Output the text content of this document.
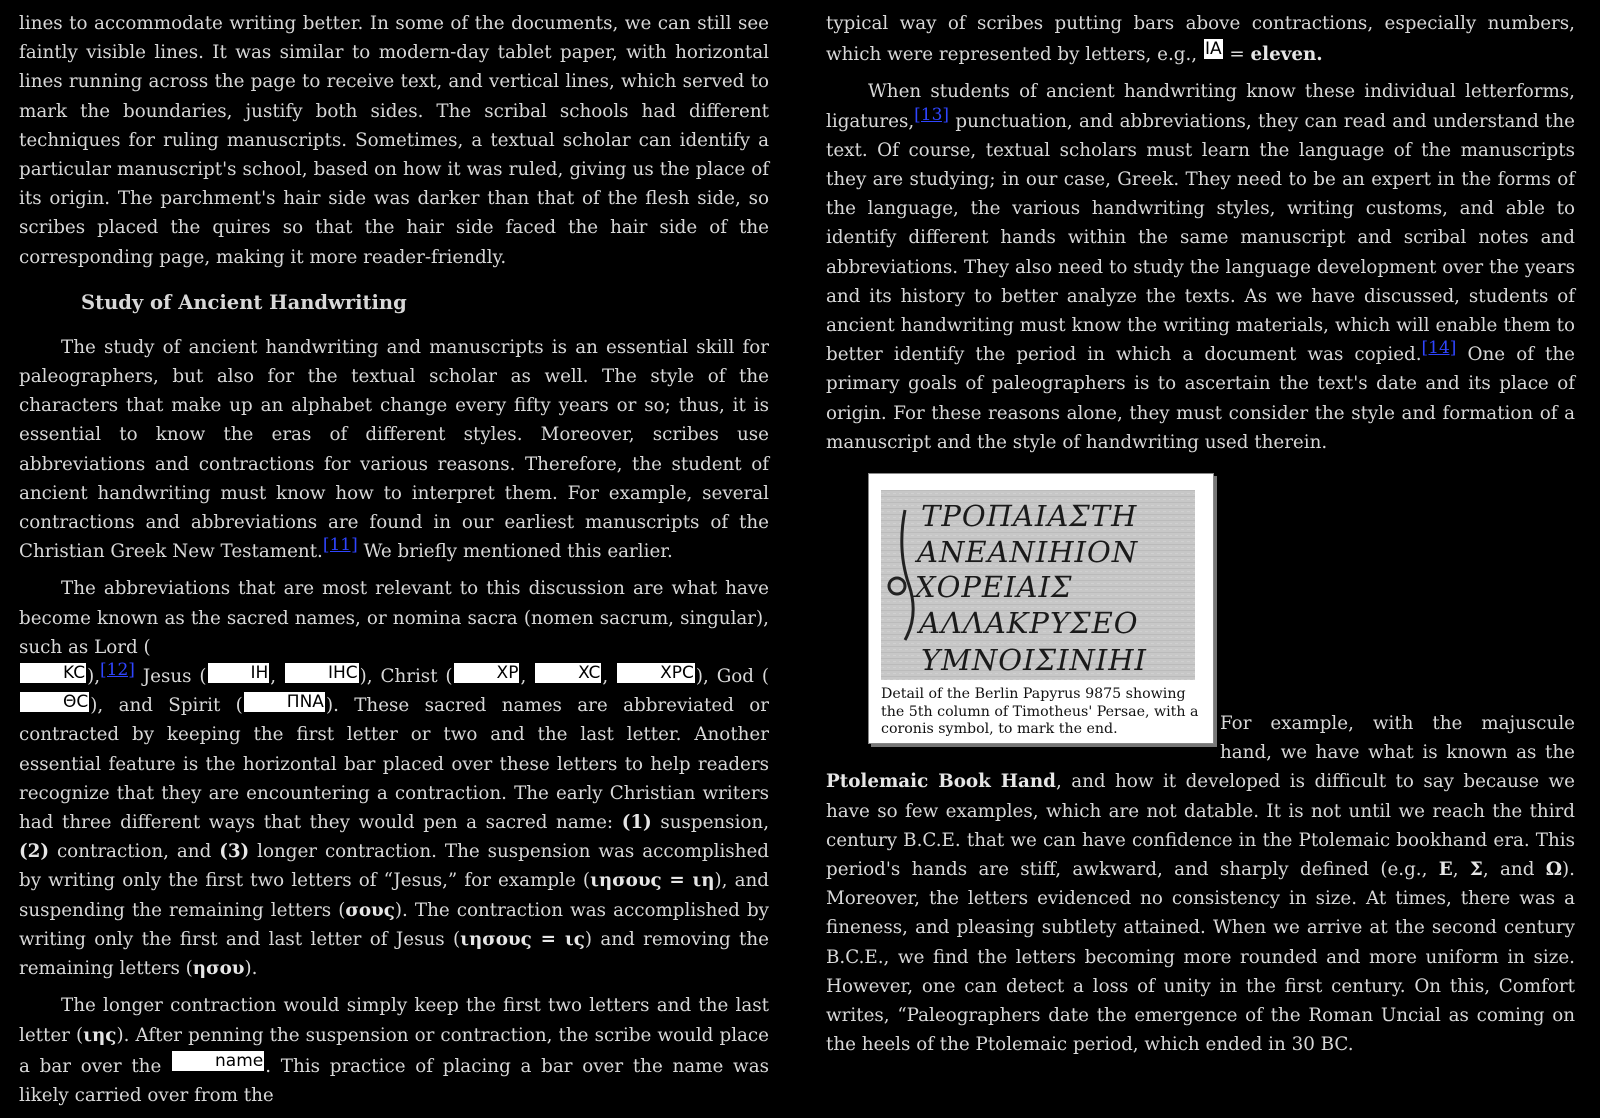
lines to accommodate writing better. In some of the documents, we can still see faintly visible lines. It was similar to modern-day tablet paper, with horizontal lines running across the page to receive text, and vertical lines, which served to mark the boundaries, justify both sides. The scribal schools had different techniques for ruling manuscripts. Sometimes, a textual scholar can identify a particular manuscript's school, based on how it was ruled, giving us the place of its origin. The parchment's hair side was darker than that of the flesh side, so scribes placed the quires so that the hair side faced the hair side of the corresponding page, making it more reader-friendly.

Study of Ancient Handwriting

The study of ancient handwriting and manuscripts is an essential skill for paleographers, but also for the textual scholar as well. The style of the characters that make up an alphabet change every fifty years or so; thus, it is essential to know the eras of different styles. Moreover, scribes use abbreviations and contractions for various reasons. Therefore, the student of ancient handwriting must know how to interpret them. For example, several contractions and abbreviations are found in our earliest manuscripts of the Christian Greek New Testament.[11] We briefly mentioned this earlier.

The abbreviations that are most relevant to this discussion are what have become known as the sacred names, or nomina sacra (nomen sacrum, singular), such as Lord (
KC ),[12] Jesus (	IH ,	IHC ), Christ (	XP ,	XC ,	XPC ), God (ΘC ), and Spirit (	ΠΝΑ ). These sacred names are abbreviated or contracted by keeping the first letter or two and the last letter. Another essential feature is the horizontal bar placed over these letters to help readers recognize that they are encountering a contraction. The early Christian writers had three different ways that they would pen a sacred name: (1) suspension, (2) contraction, and (3) longer contraction. The suspension was accomplished by writing only the first two letters of “Jesus,” for example (ιησους = ιη), and suspending the remaining letters (σους). The contraction was accomplished by writing only the first and last letter of Jesus (ιησους = ις) and removing the remaining letters (ησου).

The longer contraction would simply keep the first two letters and the last letter (ιης). After penning the suspension or contraction, the scribe would place a bar over the	name . This practice of placing a bar over the name was likely carried over from the

typical way of scribes putting bars above contractions, especially numbers, which were represented by letters, e.g., IA = eleven.

When students of ancient handwriting know these individual letterforms, ligatures,[13] punctuation, and abbreviations, they can read and understand the text. Of course, textual scholars must learn the language of the manuscripts they are studying; in our case, Greek. They need to be an expert in the forms of the language, the various handwriting styles, writing customs, and able to identify different hands within the same manuscript and scribal notes and abbreviations. They also need to study the language development over the years and its history to better analyze the texts. As we have discussed, students of ancient handwriting must know the writing materials, which will enable them to better identify the period in which a document was copied.[14] One of the primary goals of paleographers is to ascertain the text's date and its place of origin. For these reasons alone, they must consider the style and formation of a manuscript and the style of handwriting used therein.

ΤΡΟΠΑΙΑΣΤΗ
ΑΝΕΑΝΙΗΙΟΝ
ΧΟΡΕΙΑΙΣ
ΑΛΛΑΚΡΥΣΕΟ
ΥΜΝΟΙΣΙΝΙΗΙ
Detail of the Berlin Papyrus 9875 showing the 5th column of Timotheus' Persae, with a coronis symbol, to mark the end.	For example, with the majuscule hand, we have what is known as the Ptolemaic Book Hand, and how it developed is difficult to say because we have so few examples, which are not datable. It is not until we reach the third century B.C.E. that we can have confidence in the Ptolemaic bookhand era. This period's hands are stiff, awkward, and sharply defined (e.g., E, Σ, and Ω). Moreover, the letters evidenced no consistency in size. At times, there was a fineness, and pleasing subtlety attained. When we arrive at the second century B.C.E., we find the letters becoming more rounded and more uniform in size. However, one can detect a loss of unity in the first century. On this, Comfort writes, “Paleographers date the emergence of the Roman Uncial as coming on the heels of the Ptolemaic period, which ended in 30 BC.
